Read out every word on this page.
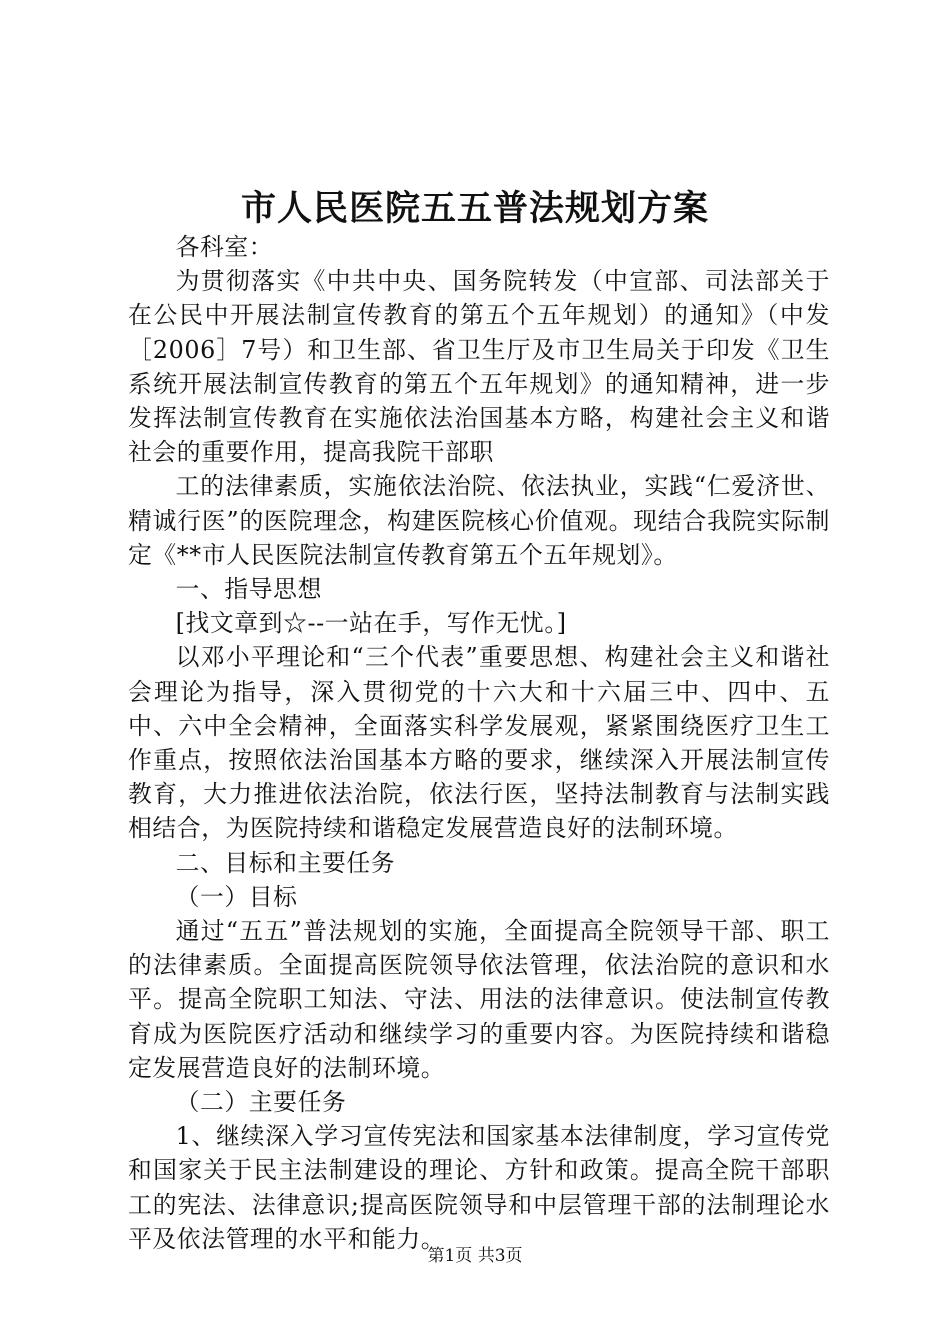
市人民医院五五普法规划方案

各科室：

为贯彻落实《中共中央、国务院转发（中宣部、司法部关于在公民中开展法制宣传教育的第五个五年规划）的通知》（中发［2006］7号）和卫生部、省卫生厅及市卫生局关于印发《卫生系统开展法制宣传教育的第五个五年规划》的通知精神，进一步发挥法制宣传教育在实施依法治国基本方略，构建社会主义和谐社会的重要作用，提高我院干部职

工的法律素质，实施依法治院、依法执业，实践“仁爱济世、精诚行医”的医院理念，构建医院核心价值观。现结合我院实际制定《**市人民医院法制宣传教育第五个五年规划》。

一、指导思想

[找文章到☆--一站在手，写作无忧。]

以邓小平理论和“三个代表”重要思想、构建社会主义和谐社会理论为指导，深入贯彻党的十六大和十六届三中、四中、五中、六中全会精神，全面落实科学发展观，紧紧围绕医疗卫生工作重点，按照依法治国基本方略的要求，继续深入开展法制宣传教育，大力推进依法治院，依法行医，坚持法制教育与法制实践相结合，为医院持续和谐稳定发展营造良好的法制环境。

二、目标和主要任务

（一）目标

通过“五五”普法规划的实施，全面提高全院领导干部、职工的法律素质。全面提高医院领导依法管理，依法治院的意识和水平。提高全院职工知法、守法、用法的法律意识。使法制宣传教育成为医院医疗活动和继续学习的重要内容。为医院持续和谐稳定发展营造良好的法制环境。

（二）主要任务

1、继续深入学习宣传宪法和国家基本法律制度，学习宣传党和国家关于民主法制建设的理论、方针和政策。提高全院干部职工的宪法、法律意识;提高医院领导和中层管理干部的法制理论水平及依法管理的水平和能力。

第1页 共3页
